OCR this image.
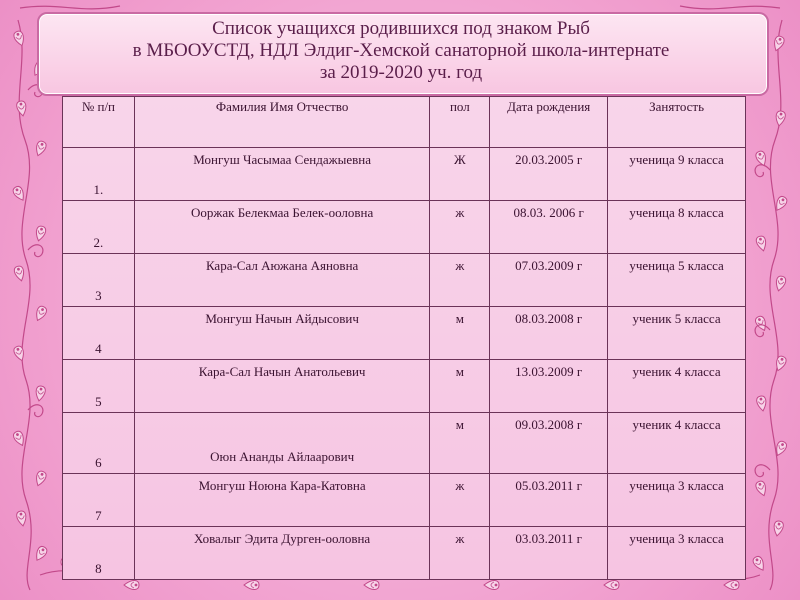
Список учащихся родившихся под знаком Рыб
в МБООУСТД, НДЛ Элдиг-Хемской санаторной школа-интернате
за 2019-2020 уч. год
№ п/п	Фамилия Имя Отчество	пол	Дата рождения	Занятость
1.	Монгуш Часымаа Сендажыевна	Ж	20.03.2005 г	ученица 9 класса
2.	Ооржак Белекмаа Белек-ооловна	ж	08.03. 2006 г	ученица 8 класса
3	Кара-Сал Аюжана Аяновна	ж	07.03.2009 г	ученица 5 класса
4	Монгуш Начын Айдысович	м	08.03.2008 г	ученик 5 класса
5	Кара-Сал Начын Анатольевич	м	13.03.2009 г	ученик 4 класса
6	Оюн Ананды Айлаарович	м	09.03.2008 г	ученик 4 класса
7	Монгуш Ноюна Кара-Катовна	ж	05.03.2011 г	ученица 3 класса
8	Ховалыг Эдита Дурген-ооловна	ж	03.03.2011 г	ученица 3 класса
